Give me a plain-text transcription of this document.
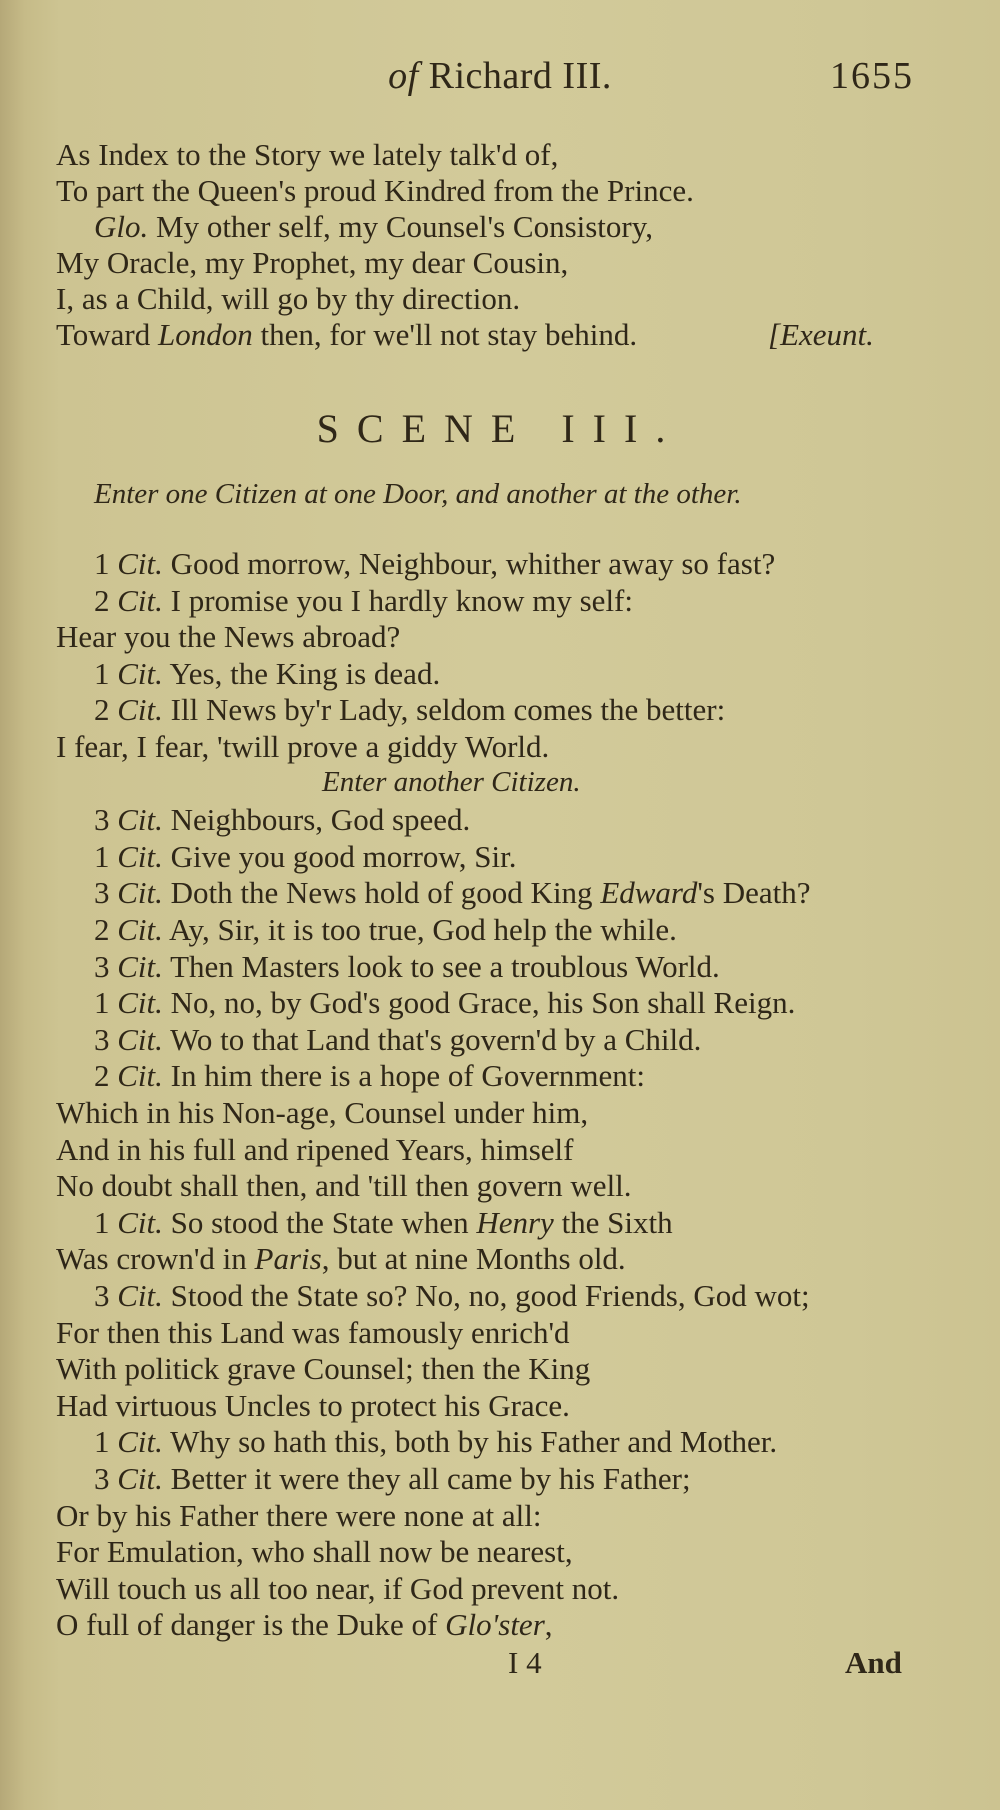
of Richard III.	1655
As Index to the Story we lately talk'd of,
To part the Queen's proud Kindred from the Prince.
Glo. My other self, my Counsel's Consistory,
My Oracle, my Prophet, my dear Cousin,
I, as a Child, will go by thy direction.
Toward London then, for we'll not stay behind.	[Exeunt.
SCENE III.
Enter one Citizen at one Door, and another at the other.
1 Cit. Good morrow, Neighbour, whither away so fast?
2 Cit. I promise you I hardly know my self:
Hear you the News abroad?
1 Cit. Yes, the King is dead.
2 Cit. Ill News by'r Lady, seldom comes the better:
I fear, I fear, 'twill prove a giddy World.
Enter another Citizen.
3 Cit. Neighbours, God speed.
1 Cit. Give you good morrow, Sir.
3 Cit. Doth the News hold of good King Edward's Death?
2 Cit. Ay, Sir, it is too true, God help the while.
3 Cit. Then Masters look to see a troublous World.
1 Cit. No, no, by God's good Grace, his Son shall Reign.
3 Cit. Wo to that Land that's govern'd by a Child.
2 Cit. In him there is a hope of Government:
Which in his Non-age, Counsel under him,
And in his full and ripened Years, himself
No doubt shall then, and 'till then govern well.
1 Cit. So stood the State when Henry the Sixth
Was crown'd in Paris, but at nine Months old.
3 Cit. Stood the State so? No, no, good Friends, God wot;
For then this Land was famously enrich'd
With politick grave Counsel; then the King
Had virtuous Uncles to protect his Grace.
1 Cit. Why so hath this, both by his Father and Mother.
3 Cit. Better it were they all came by his Father;
Or by his Father there were none at all:
For Emulation, who shall now be nearest,
Will touch us all too near, if God prevent not.
O full of danger is the Duke of Glo'ster,
I 4	And
